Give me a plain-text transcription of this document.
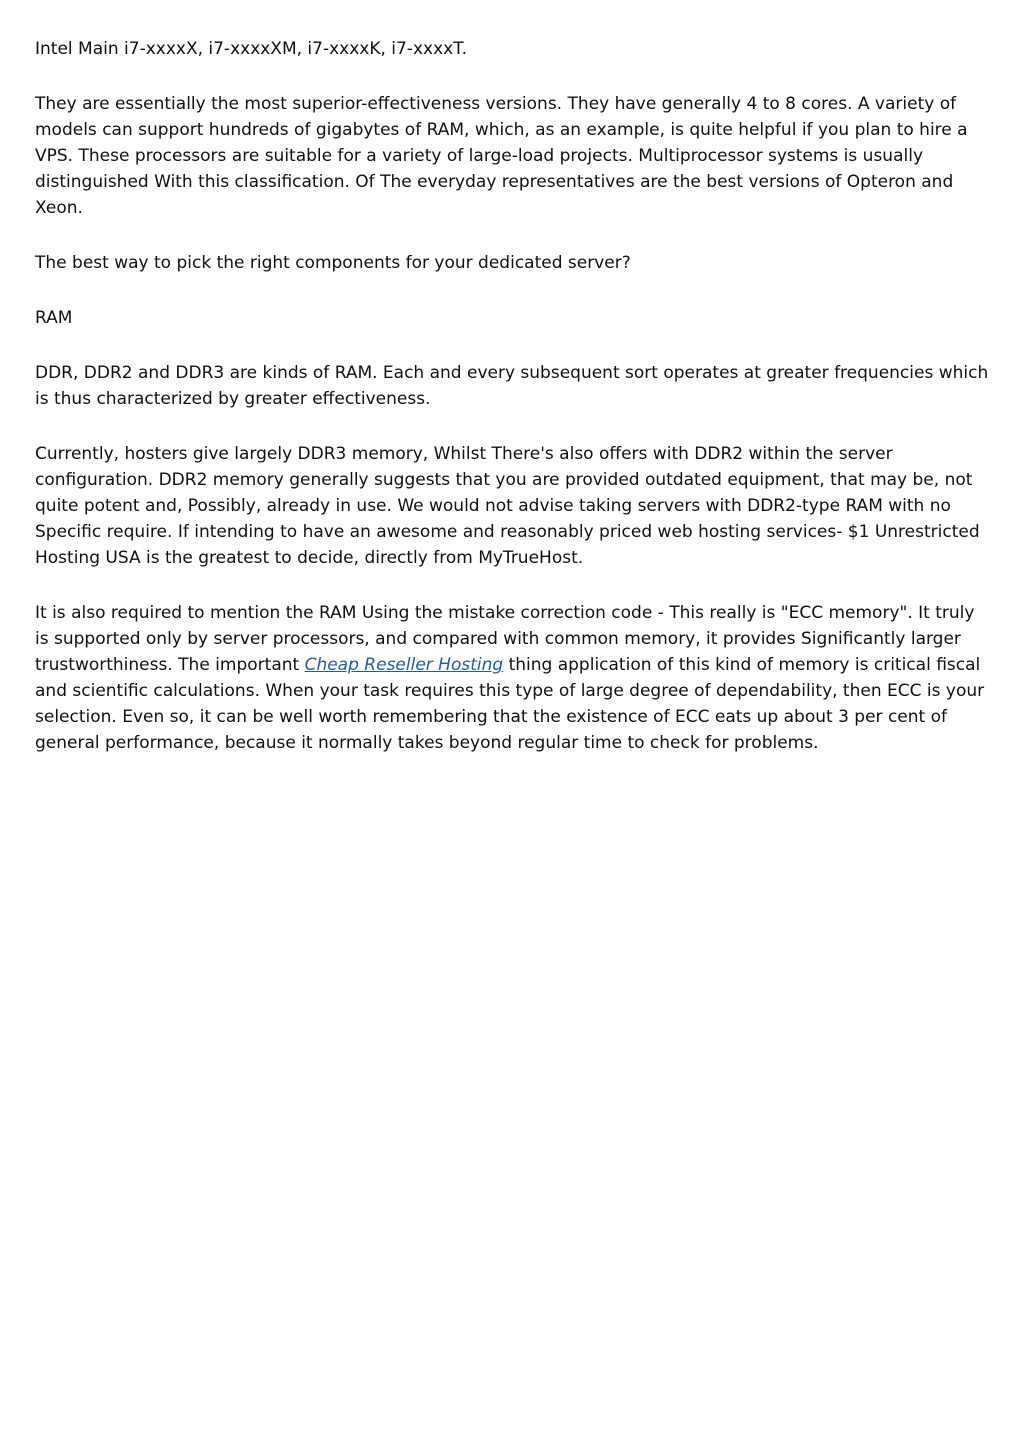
Intel Main i7-xxxxX, i7-xxxxXM, i7-xxxxK, i7-xxxxT.

They are essentially the most superior-effectiveness versions. They have generally 4 to 8 cores. A variety of models can support hundreds of gigabytes of RAM, which, as an example, is quite helpful if you plan to hire a VPS. These processors are suitable for a variety of large-load projects. Multiprocessor systems is usually distinguished With this classification. Of The everyday representatives are the best versions of Opteron and Xeon.

The best way to pick the right components for your dedicated server?

RAM

DDR, DDR2 and DDR3 are kinds of RAM. Each and every subsequent sort operates at greater frequencies which is thus characterized by greater effectiveness.

Currently, hosters give largely DDR3 memory, Whilst There's also offers with DDR2 within the server configuration. DDR2 memory generally suggests that you are provided outdated equipment, that may be, not quite potent and, Possibly, already in use. We would not advise taking servers with DDR2-type RAM with no Specific require. If intending to have an awesome and reasonably priced web hosting services- $1 Unrestricted Hosting USA is the greatest to decide, directly from MyTrueHost.

It is also required to mention the RAM Using the mistake correction code - This really is "ECC memory". It truly is supported only by server processors, and compared with common memory, it provides Significantly larger trustworthiness. The important Cheap Reseller Hosting thing application of this kind of memory is critical fiscal and scientific calculations. When your task requires this type of large degree of dependability, then ECC is your selection. Even so, it can be well worth remembering that the existence of ECC eats up about 3 per cent of general performance, because it normally takes beyond regular time to check for problems.
